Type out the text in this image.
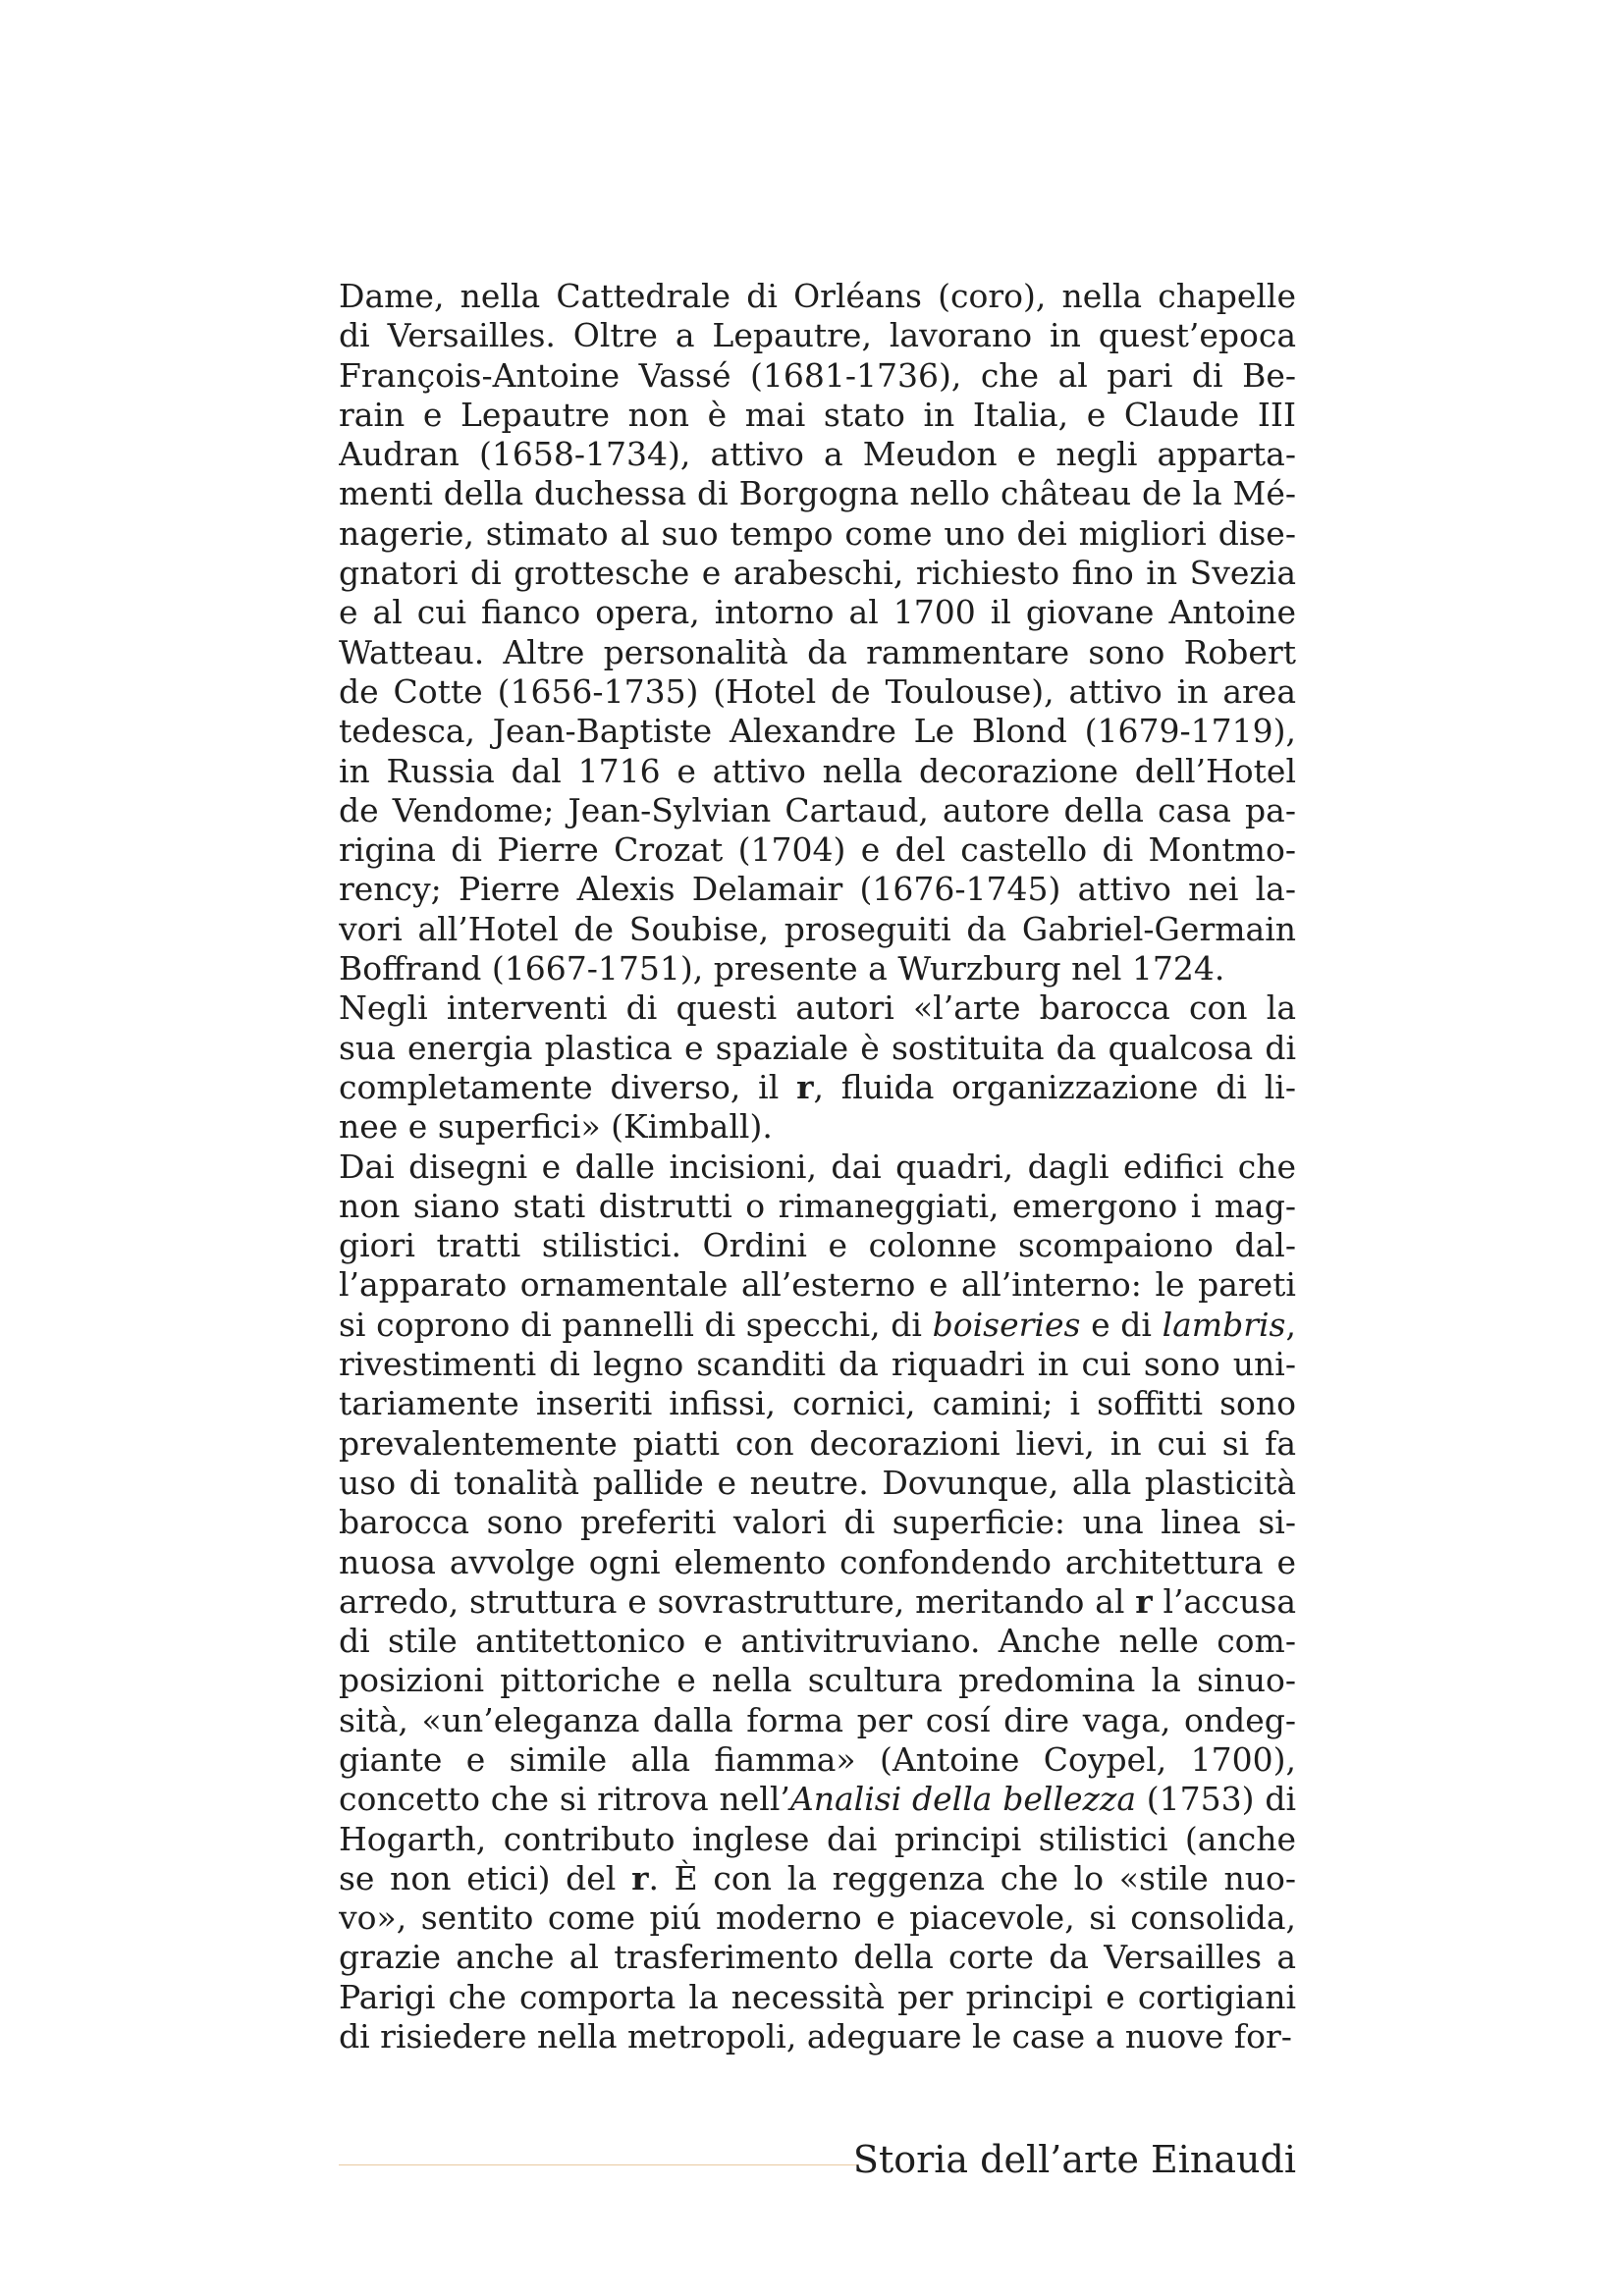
Dame, nella Cattedrale di Orléans (coro), nella chapelle
di Versailles. Oltre a Lepautre, lavorano in quest’epoca
François-Antoine Vassé (1681-1736), che al pari di Be-
rain e Lepautre non è mai stato in Italia, e Claude III
Audran (1658-1734), attivo a Meudon e negli apparta-
menti della duchessa di Borgogna nello château de la Mé-
nagerie, stimato al suo tempo come uno dei migliori dise-
gnatori di grottesche e arabeschi, richiesto fino in Svezia
e al cui fianco opera, intorno al 1700 il giovane Antoine
Watteau. Altre personalità da rammentare sono Robert
de Cotte (1656-1735) (Hotel de Toulouse), attivo in area
tedesca, Jean-Baptiste Alexandre Le Blond (1679-1719),
in Russia dal 1716 e attivo nella decorazione dell’Hotel
de Vendome; Jean-Sylvian Cartaud, autore della casa pa-
rigina di Pierre Crozat (1704) e del castello di Montmo-
rency; Pierre Alexis Delamair (1676-1745) attivo nei la-
vori all’Hotel de Soubise, proseguiti da Gabriel-Germain
Boffrand (1667-1751), presente a Wurzburg nel 1724.
Negli interventi di questi autori «l’arte barocca con la
sua energia plastica e spaziale è sostituita da qualcosa di
completamente diverso, il r, fluida organizzazione di li-
nee e superfici» (Kimball).
Dai disegni e dalle incisioni, dai quadri, dagli edifici che
non siano stati distrutti o rimaneggiati, emergono i mag-
giori tratti stilistici. Ordini e colonne scompaiono dal-
l’apparato ornamentale all’esterno e all’interno: le pareti
si coprono di pannelli di specchi, di boiseries e di lambris,
rivestimenti di legno scanditi da riquadri in cui sono uni-
tariamente inseriti infissi, cornici, camini; i soffitti sono
prevalentemente piatti con decorazioni lievi, in cui si fa
uso di tonalità pallide e neutre. Dovunque, alla plasticità
barocca sono preferiti valori di superficie: una linea si-
nuosa avvolge ogni elemento confondendo architettura e
arredo, struttura e sovrastrutture, meritando al r l’accusa
di stile antitettonico e antivitruviano. Anche nelle com-
posizioni pittoriche e nella scultura predomina la sinuo-
sità, «un’eleganza dalla forma per cosí dire vaga, ondeg-
giante e simile alla fiamma» (Antoine Coypel, 1700),
concetto che si ritrova nell’Analisi della bellezza (1753) di
Hogarth, contributo inglese dai principi stilistici (anche
se non etici) del r. È con la reggenza che lo «stile nuo-
vo», sentito come piú moderno e piacevole, si consolida,
grazie anche al trasferimento della corte da Versailles a
Parigi che comporta la necessità per principi e cortigiani
di risiedere nella metropoli, adeguare le case a nuove for-
Storia dell’arte Einaudi
